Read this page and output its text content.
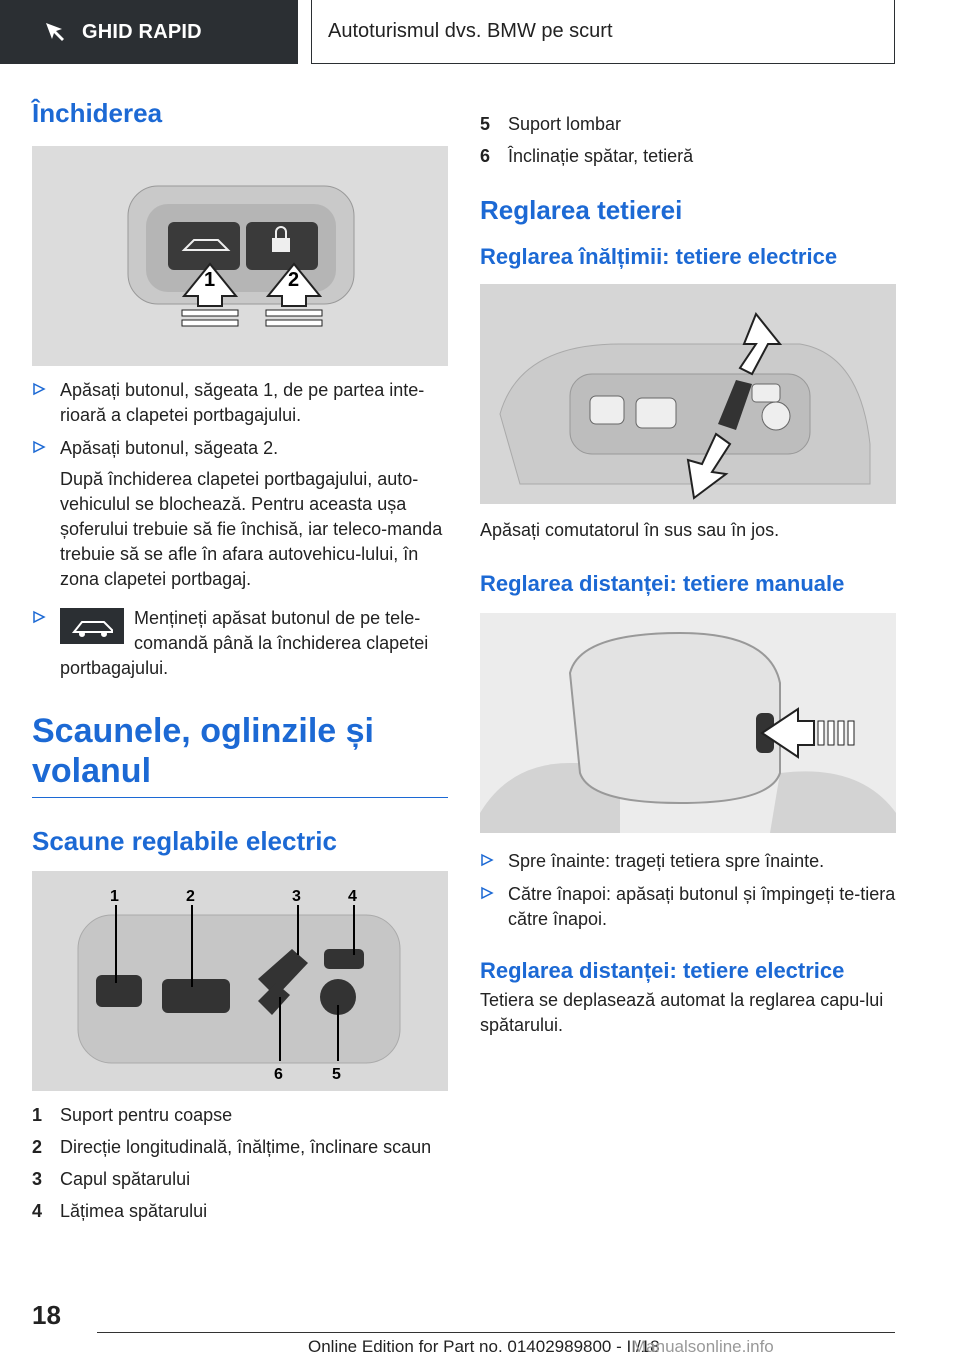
GHID RAPID	Autoturismul dvs. BMW pe scurt
Închiderea
1	2
Apăsați butonul, săgeata 1, de pe partea inte-rioară a clapetei portbagajului.
Apăsați butonul, săgeata 2.
După închiderea clapetei portbagajului, auto-vehiculul se blochează. Pentru aceasta ușa șoferului trebuie să fie închisă, iar teleco-manda trebuie să se afle în afara autovehicu-lului, în zona clapetei portbagaj.
Mențineți apăsat butonul de pe tele-comandă până la închiderea clapetei portbagajului.
Scaunele, oglinzile și volanul
Scaune reglabile electric
1	2	3	4
5
6
1 Suport pentru coapse
2 Direcție longitudinală, înălțime, înclinare scaun
3 Capul spătarului
4 Lățimea spătarului
5 Suport lombar
6 Înclinație spătar, tetieră
Reglarea tetierei
Reglarea înălțimii: tetiere electrice
Apăsați comutatorul în sus sau în jos.
Reglarea distanței: tetiere manuale
Spre înainte: trageți tetiera spre înainte.
Către înapoi: apăsați butonul și împingeți te-tiera către înapoi.
Reglarea distanței: tetiere electrice
Tetiera se deplasează automat la reglarea capu-lui spătarului.
18
Online Edition for Part no. 01402989800 - II/18
Manualsonline.info
